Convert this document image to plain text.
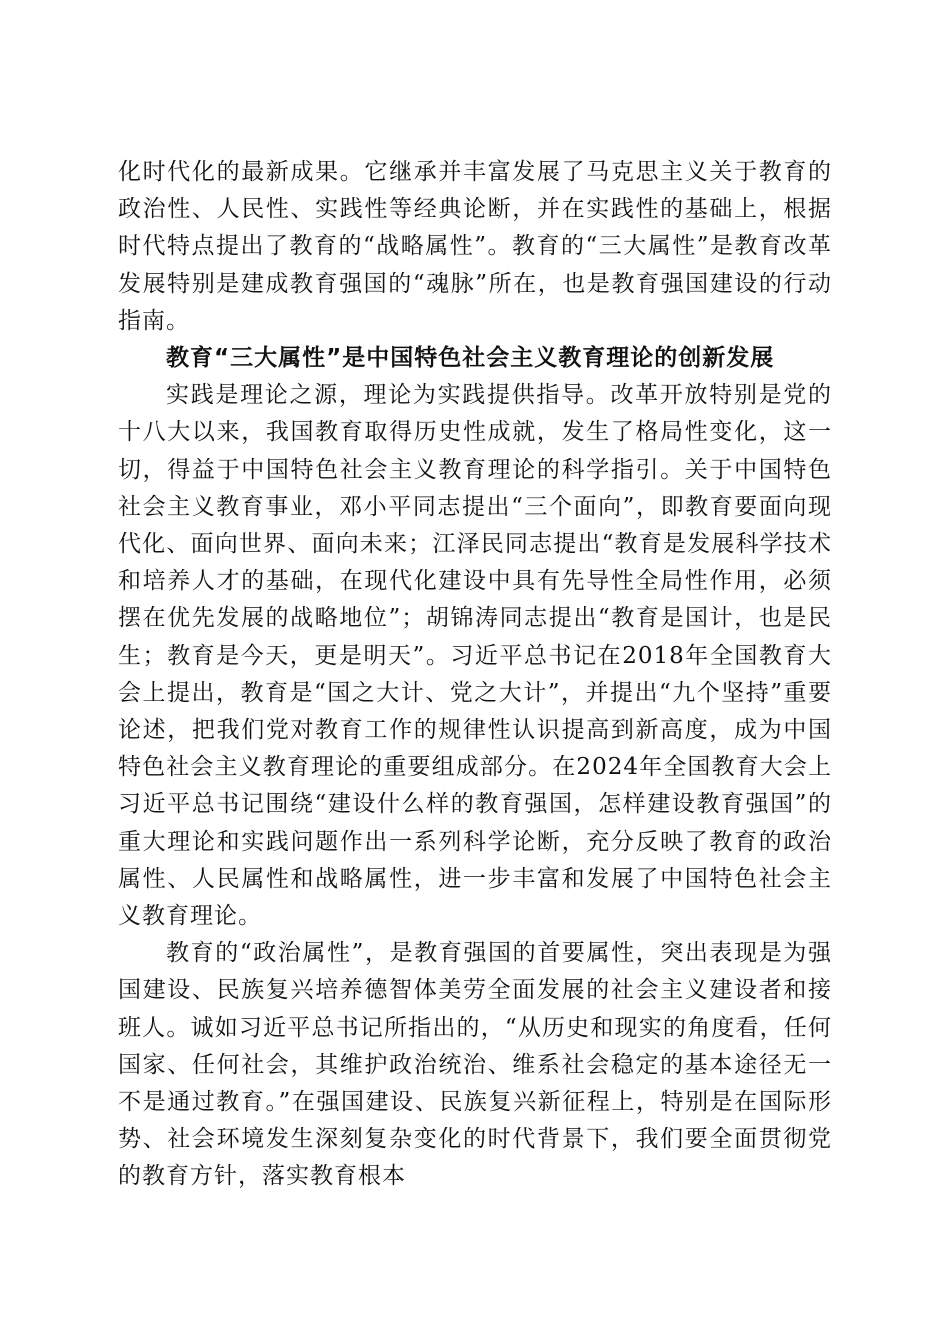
化时代化的最新成果。它继承并丰富发展了马克思主义关于教育的政治性、人民性、实践性等经典论断，并在实践性的基础上，根据时代特点提出了教育的“战略属性”。教育的“三大属性”是教育改革发展特别是建成教育强国的“魂脉”所在，也是教育强国建设的行动指南。

教育“三大属性”是中国特色社会主义教育理论的创新发展

实践是理论之源，理论为实践提供指导。改革开放特别是党的十八大以来，我国教育取得历史性成就，发生了格局性变化，这一切，得益于中国特色社会主义教育理论的科学指引。关于中国特色社会主义教育事业，邓小平同志提出“三个面向”，即教育要面向现代化、面向世界、面向未来；江泽民同志提出“教育是发展科学技术和培养人才的基础，在现代化建设中具有先导性全局性作用，必须摆在优先发展的战略地位”；胡锦涛同志提出“教育是国计，也是民生；教育是今天，更是明天”。习近平总书记在2018年全国教育大会上提出，教育是“国之大计、党之大计”，并提出“九个坚持”重要论述，把我们党对教育工作的规律性认识提高到新高度，成为中国特色社会主义教育理论的重要组成部分。在2024年全国教育大会上习近平总书记围绕“建设什么样的教育强国，怎样建设教育强国”的重大理论和实践问题作出一系列科学论断，充分反映了教育的政治属性、人民属性和战略属性，进一步丰富和发展了中国特色社会主义教育理论。

教育的“政治属性”，是教育强国的首要属性，突出表现是为强国建设、民族复兴培养德智体美劳全面发展的社会主义建设者和接班人。诚如习近平总书记所指出的，“从历史和现实的角度看，任何国家、任何社会，其维护政治统治、维系社会稳定的基本途径无一不是通过教育。”在强国建设、民族复兴新征程上，特别是在国际形势、社会环境发生深刻复杂变化的时代背景下，我们要全面贯彻党的教育方针，落实教育根本
